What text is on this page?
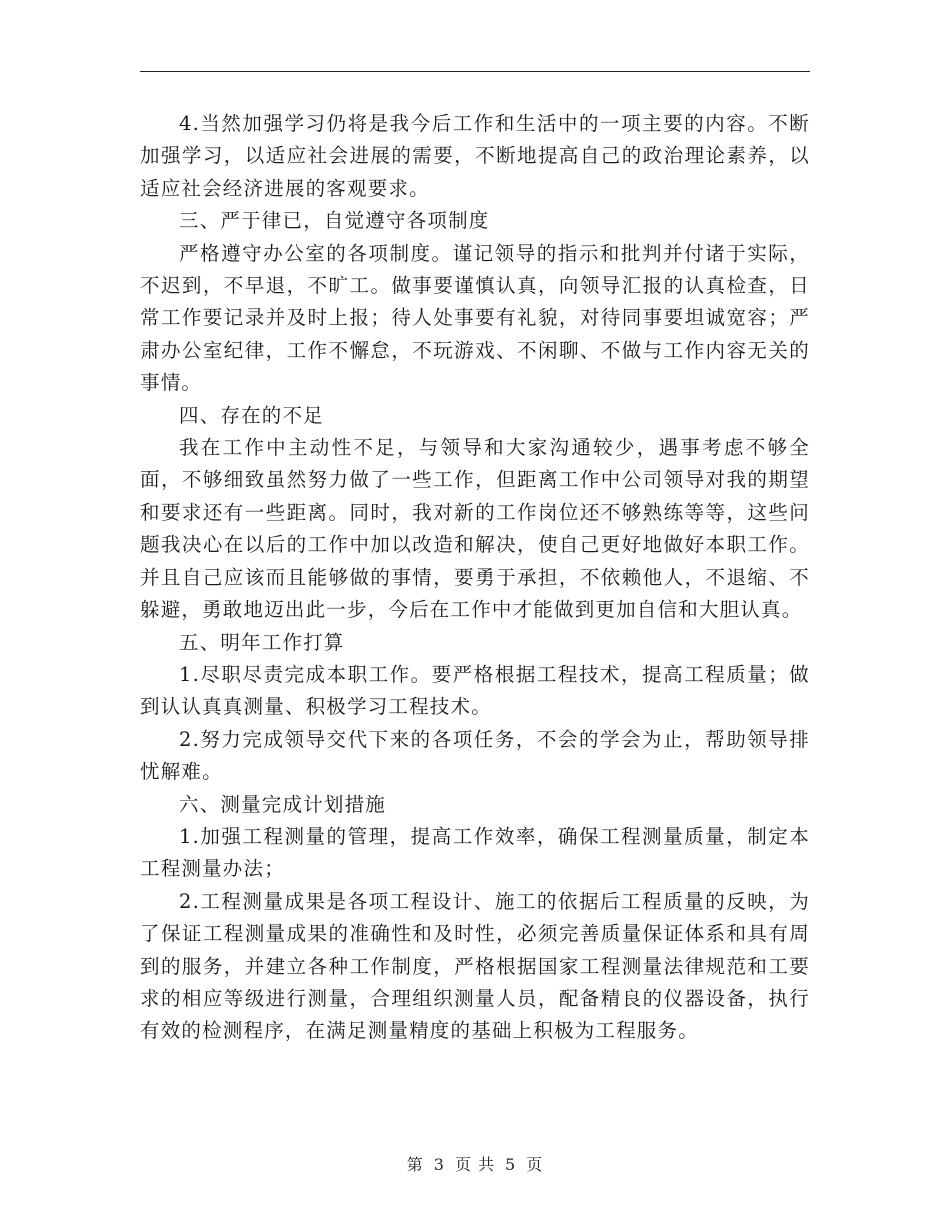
4.当然加强学习仍将是我今后工作和生活中的一项主要的内容。不断加强学习，以适应社会进展的需要，不断地提高自己的政治理论素养，以适应社会经济进展的客观要求。

三、严于律已，自觉遵守各项制度

严格遵守办公室的各项制度。谨记领导的指示和批判并付诸于实际，不迟到，不早退，不旷工。做事要谨慎认真，向领导汇报的认真检查，日常工作要记录并及时上报；待人处事要有礼貌，对待同事要坦诚宽容；严肃办公室纪律，工作不懈怠，不玩游戏、不闲聊、不做与工作内容无关的事情。

四、存在的不足

我在工作中主动性不足，与领导和大家沟通较少，遇事考虑不够全面，不够细致虽然努力做了一些工作，但距离工作中公司领导对我的期望和要求还有一些距离。同时，我对新的工作岗位还不够熟练等等，这些问题我决心在以后的工作中加以改造和解决，使自己更好地做好本职工作。并且自己应该而且能够做的事情，要勇于承担，不依赖他人，不退缩、不躲避，勇敢地迈出此一步，今后在工作中才能做到更加自信和大胆认真。

五、明年工作打算

1.尽职尽责完成本职工作。要严格根据工程技术，提高工程质量；做到认认真真测量、积极学习工程技术。

2.努力完成领导交代下来的各项任务，不会的学会为止，帮助领导排忧解难。

六、测量完成计划措施

1.加强工程测量的管理，提高工作效率，确保工程测量质量，制定本工程测量办法；

2.工程测量成果是各项工程设计、施工的依据后工程质量的反映，为了保证工程测量成果的准确性和及时性，必须完善质量保证体系和具有周到的服务，并建立各种工作制度，严格根据国家工程测量法律规范和工要求的相应等级进行测量，合理组织测量人员，配备精良的仪器设备，执行有效的检测程序，在满足测量精度的基础上积极为工程服务。

第 3 页 共 5 页
